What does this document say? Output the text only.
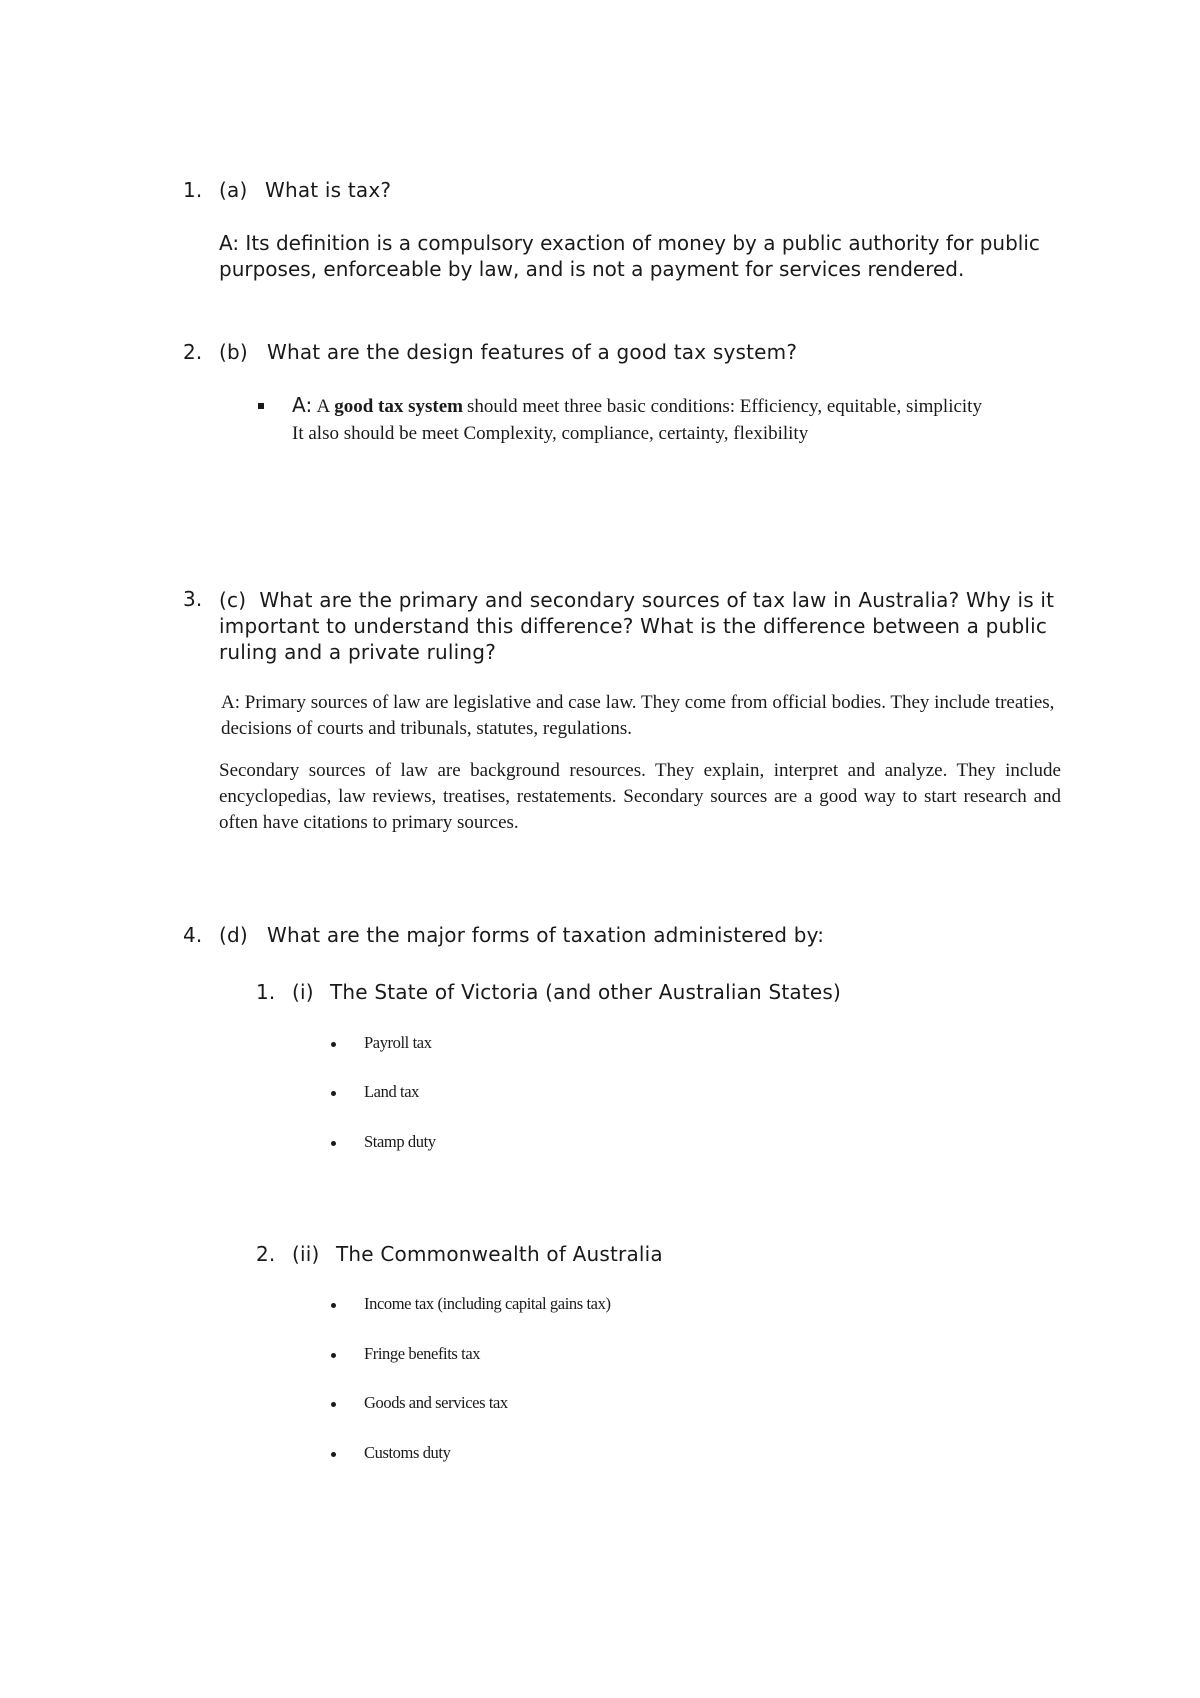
1. (a) What is tax?
A: Its definition is a compulsory exaction of money by a public authority for public purposes, enforceable by law, and is not a payment for services rendered.
2. (b) What are the design features of a good tax system?
A: A good tax system should meet three basic conditions: Efficiency, equitable, simplicity
It also should be meet Complexity, compliance, certainty, flexibility
3. (c) What are the primary and secondary sources of tax law in Australia? Why is it important to understand this difference? What is the difference between a public ruling and a private ruling?
A: Primary sources of law are legislative and case law. They come from official bodies. They include treaties, decisions of courts and tribunals, statutes, regulations.
Secondary sources of law are background resources. They explain, interpret and analyze. They include encyclopedias, law reviews, treatises, restatements. Secondary sources are a good way to start research and often have citations to primary sources.
4. (d) What are the major forms of taxation administered by:
1. (i) The State of Victoria (and other Australian States)
Payroll tax
Land tax
Stamp duty
2. (ii) The Commonwealth of Australia
Income tax (including capital gains tax)
Fringe benefits tax
Goods and services tax
Customs duty
